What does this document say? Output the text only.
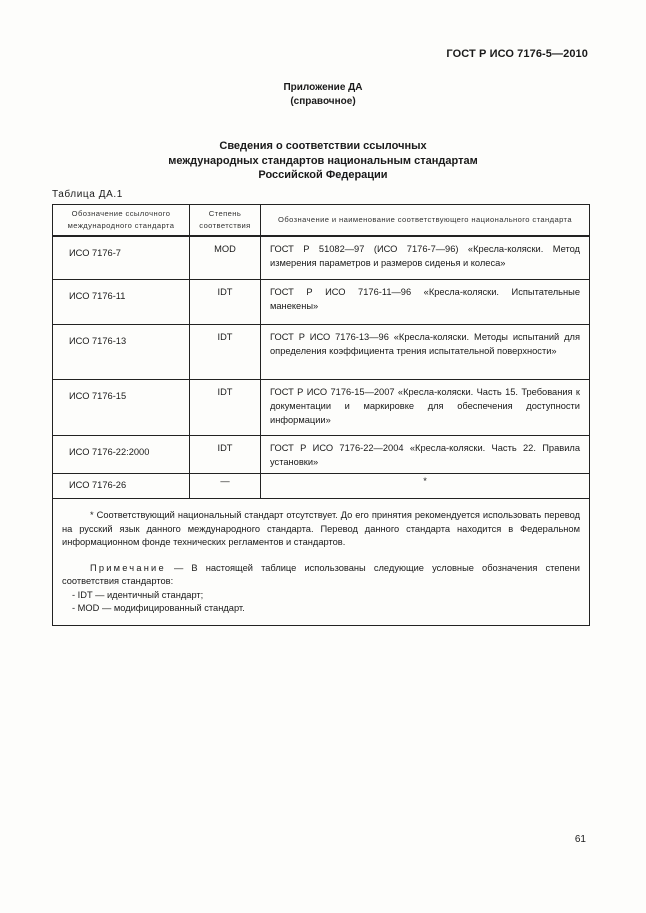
ГОСТ Р ИСО 7176-5—2010
Приложение ДА
(справочное)
Сведения о соответствии ссылочных
международных стандартов национальным стандартам
Российской Федерации
Таблица ДА.1
Обозначение ссылочного международного стандарта	Степень соответствия	Обозначение и наименование соответствующего национального стандарта
ИСО 7176-7	MOD	ГОСТ Р 51082—97 (ИСО 7176-7—96) «Кресла-коляски. Метод измерения параметров и размеров сиденья и колеса»
ИСО 7176-11	IDT	ГОСТ Р ИСО 7176-11—96 «Кресла-коляски. Испытательные манекены»
ИСО 7176-13	IDT	ГОСТ Р ИСО 7176-13—96 «Кресла-коляски. Методы испытаний для определения коэффициента трения испытательной поверхности»
ИСО 7176-15	IDT	ГОСТ Р ИСО 7176-15—2007 «Кресла-коляски. Часть 15. Требования к документации и маркировке для обеспечения доступности информации»
ИСО 7176-22:2000	IDT	ГОСТ Р ИСО 7176-22—2004 «Кресла-коляски. Часть 22. Правила установки»
ИСО 7176-26	—	*

* Соответствующий национальный стандарт отсутствует. До его принятия рекомендуется использовать перевод на русский язык данного международного стандарта. Перевод данного стандарта находится в Федеральном информационном фонде технических регламентов и стандартов.

Примечание — В настоящей таблице использованы следующие условные обозначения степени соответствия стандартов:

- IDT — идентичный стандарт;

- MOD — модифицированный стандарт.		

61
